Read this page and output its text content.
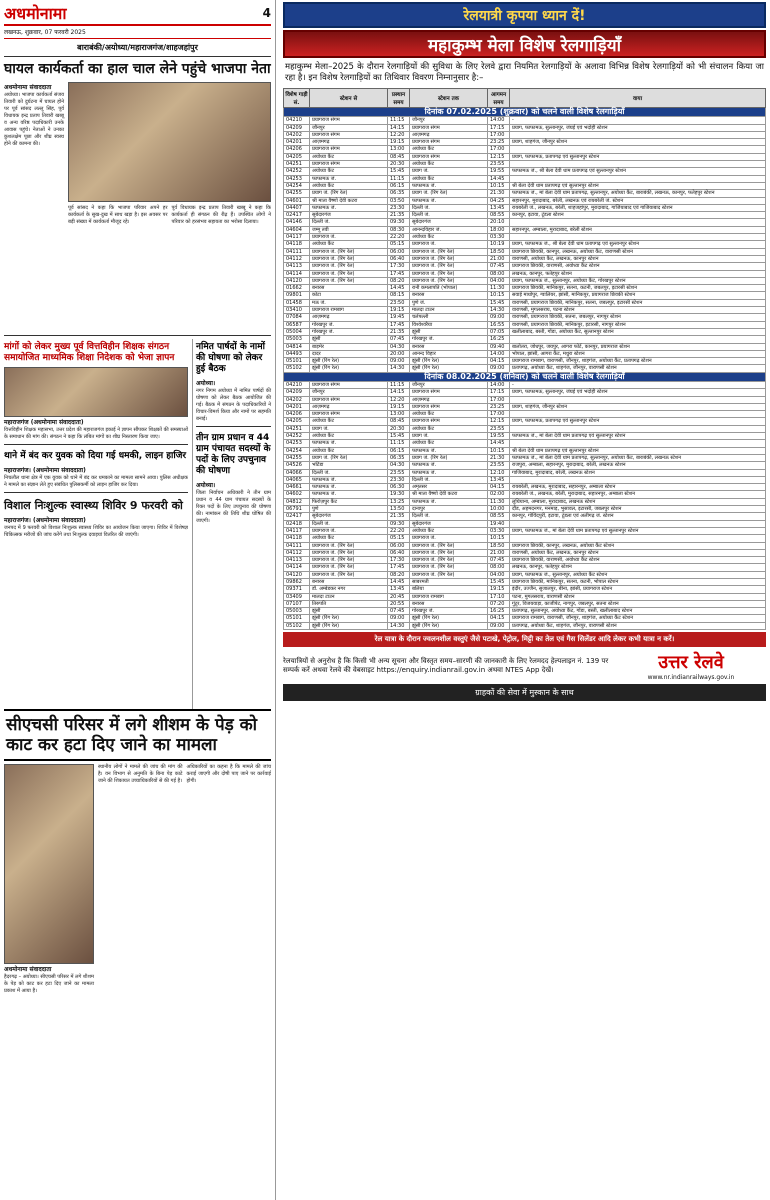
अधमोनामा	4
लखनऊ, शुक्रवार, 07 फरवरी 2025
बाराबंकी/अयोध्या/महाराजगंज/शाहजहांपुर
घायल कार्यकर्ता का हाल चाल लेने पहुंचे भाजपा नेता
अधमोनामा संवाददाता
अयोध्या। भाजपा कार्यकर्ता संजय तिवारी को दुर्घटना में घायल होने पर पूर्व सांसद लल्लू सिंह, पूर्व विधायक इन्द्र प्रताप तिवारी खब्बू व अन्य वरिष्ठ पदाधिकारी उनके आवास पहुंचे। नेताओं ने उनका कुशलक्षेम पूछा और शीघ्र स्वस्थ होने की कामना की।
पूर्व सांसद ने कहा कि भाजपा परिवार अपने हर कार्यकर्ता के सुख-दुख में साथ खड़ा है। इस अवसर पर बड़ी संख्या में कार्यकर्ता मौजूद रहे।
पूर्व विधायक इन्द्र प्रताप तिवारी खब्बू ने कहा कि कार्यकर्ता ही संगठन की रीढ़ हैं। उपस्थित लोगों ने परिवार को हरसंभव सहायता का भरोसा दिलाया।
मांगों को लेकर मुख्य पूर्व वित्तविहीन शिक्षक संगठन समायोजित माध्यमिक शिक्षा निदेशक को भेजा ज्ञापन
महाराजगंज (अधमोनामा संवाददाता)
वित्तविहीन शिक्षक महासभा, उत्तर प्रदेश की महाराजगंज इकाई ने ज्ञापन सौंपकर शिक्षकों की समस्याओं के समाधान की मांग की। संगठन ने कहा कि लंबित मांगों का शीघ्र निस्तारण किया जाए।
थाने में बंद कर युवक को दिया गई धमकी, लाइन हाजिर
महाराजगंज। (अधमोनामा संवाददाता)
निचलौल थाना क्षेत्र में एक युवक को थाने में बंद कर धमकाने का मामला सामने आया। पुलिस अधीक्षक ने मामले का संज्ञान लेते हुए संबंधित पुलिसकर्मी को लाइन हाजिर कर दिया।
विशाल निःशुल्क स्वास्थ्य शिविर 9 फरवरी को
महाराजगंज। (अधमोनामा संवाददाता)
जनपद में 9 फरवरी को विशाल निःशुल्क स्वास्थ्य शिविर का आयोजन किया जाएगा। शिविर में विशेषज्ञ चिकित्सक मरीजों की जांच करेंगे तथा निःशुल्क दवाइयां वितरित की जाएंगी।
नमित पार्षदों के नामों की घोषणा को लेकर हुई बैठक
अयोध्या।
नगर निगम अयोध्या में नामित पार्षदों की घोषणा को लेकर बैठक आयोजित की गई। बैठक में संगठन के पदाधिकारियों ने विचार-विमर्श किया और नामों पर सहमति बनाई।
तीन ग्राम प्रधान व 44 ग्राम पंचायत सदस्यों के पदों के लिए उपचुनाव की घोषणा
अयोध्या।
जिला निर्वाचन अधिकारी ने तीन ग्राम प्रधान व 44 ग्राम पंचायत सदस्यों के रिक्त पदों के लिए उपचुनाव की घोषणा की। नामांकन की तिथि शीघ्र घोषित की जाएगी।
सीएचसी परिसर में लगे शीशम के पेड़ को काट कर हटा दिए जाने का मामला
अधमोनामा संवाददाता
हैदरगढ़ – अयोध्या। सीएचसी परिसर में लगे शीशम के पेड़ को काट कर हटा दिए जाने का मामला प्रकाश में आया है।
स्थानीय लोगों ने मामले की जांच की मांग की है। वन विभाग से अनुमति के बिना पेड़ काटे जाने की शिकायत उच्चाधिकारियों से की गई है।
अधिकारियों का कहना है कि मामले की जांच कराई जाएगी और दोषी पाए जाने पर कार्रवाई होगी।
रेलयात्री कृपया ध्यान दें!
महाकुम्भ मेला विशेष रेलगाड़ियाँ
महाकुम्भ मेला–2025 के दौरान रेलगाड़ियों की सुविधा के लिए रेलवे द्वारा नियमित रेलगाड़ियों के अलावा विभिन्न विशेष रेलगाड़ियों को भी संचालन किया जा रहा है। इन विशेष रेलगाड़ियों का तिथिवार विवरण निम्नानुसार है:–
विशेष गाड़ी सं.	स्टेशन से	प्रस्थान समय	स्टेशन तक	आगमन समय	वाया
दिनांक 07.02.2025 (शुक्रवार) को चलने वाली विशेष रेलगाड़ियाँ					
04210	प्रयागराज संगम	11:15	जौनपुर	14:00	-
04209	जौनपुर	14:15	प्रयागराज संगम	17:15	प्रयाग, फाफामऊ, सुल्तानपुर, जंघई एवं भदोही स्टेशन
04202	प्रयागराज संगम	12:20	आज़मगढ़	17:00	
04201	आज़मगढ़	19:15	प्रयागराज संगम	23:25	प्रयाग, शाहगंज, जौनपुर स्टेशन
04206	प्रयागराज संगम	13:00	अयोध्या कैंट	17:00	
04205	अयोध्या कैंट	08:45	प्रयागराज संगम	12:15	प्रयाग, फाफामऊ, प्रतापगढ़ एवं सुल्तानपुर स्टेशन
04251	प्रयागराज संगम	20:30	अयोध्या कैंट	23:55	
04252	अयोध्या कैंट	15:45	प्रयाग जं.	19:55	फाफामऊ जं., श्री बेला देवी धाम प्रतापगढ़ एवं सुल्तानपुर स्टेशन
04253	फाफामऊ जं.	11:15	अयोध्या कैंट	14:45	
04254	अयोध्या कैंट	06:15	फाफामऊ जं.	10:15	श्री बेला देवी धाम प्रतापगढ़ एवं सुल्तानपुर स्टेशन
04255	प्रयाग जं. (रिंग रेल)	06:35	प्रयाग जं. (रिंग रेल)	21:30	फाफामऊ जं., मां बेला देवी धाम प्रतापगढ़, सुल्तानपुर, अयोध्या कैंट, बाराबंकी, लखनऊ, कानपुर, फतेहपुर स्टेशन
04601	श्री माता वैष्णो देवी कटरा	03:50	फाफामऊ जं.	04:25	सहारनपुर, मुरादाबाद, बरेली, लखनऊ एवं रायबरेली जं. स्टेशन
04407	फाफामऊ जं.	23:30	दिल्ली जं.	13:45	रायबरेली जं., लखनऊ, बरेली, शाहजहांपुर, मुरादाबाद, गाजियाबाद एवं गाजियाबाद स्टेशन
02417	सूबेदारगंज	21:35	दिल्ली जं.	08:55	कानपुर, इटावा, टूंडला स्टेशन
04146	दिल्ली जं.	09:30	सूबेदारगंज	20:10	
04604	जम्मू तवी	08:30	आनन्दविहार जं.	18:00	सहारनपुर, अम्बाला, मुरादाबाद, बरेली स्टेशन
04117	प्रयागराज जं.	22:20	अयोध्या कैंट	03:30	
04118	अयोध्या कैंट	05:15	प्रयागराज जं.	10:19	प्रयाग, फाफामऊ जं., श्री बेला देवी धाम प्रतापगढ़ एवं सुल्तानपुर स्टेशन
04111	प्रयागराज जं. (रिंग रेल)	06:00	प्रयागराज जं. (रिंग रेल)	18:50	प्रयागराज छिवकी, कानपुर, लखनऊ, अयोध्या कैंट, वाराणसी स्टेशन
04112	प्रयागराज जं. (रिंग रेल)	06:40	प्रयागराज जं. (रिंग रेल)	21:00	वाराणसी, अयोध्या कैंट, लखनऊ, कानपुर स्टेशन
04113	प्रयागराज जं. (रिंग रेल)	17:30	प्रयागराज जं. (रिंग रेल)	07:45	प्रयागराज छिवकी, वाराणसी, अयोध्या कैंट स्टेशन
04114	प्रयागराज जं. (रिंग रेल)	17:45	प्रयागराज जं. (रिंग रेल)	08:00	लखनऊ, कानपुर, फतेहपुर स्टेशन
04120	प्रयागराज जं. (रिंग रेल)	08:20	प्रयागराज जं. (रिंग रेल)	04:00	प्रयाग, फाफामऊ जं., सुल्तानपुर, अयोध्या कैंट, गोरखपुर स्टेशन
01662	बनारस	14:45	रानी कमलापति (भोपाल)	11:30	प्रयागराज छिवकी, मानिकपुर, सतना, कटनी, जबलपुर, इटारसी स्टेशन
09801	कोटा	08:15	बनारस	10:15	सवाई माधोपुर, ग्वालियर, झांसी, मानिकपुर, प्रयागराज छिवकी स्टेशन
01458	मऊ जं.	23:50	पुणे जं.	15:45	वाराणसी, प्रयागराज छिवकी, मानिकपुर, सतना, जबलपुर, इटारसी स्टेशन
03410	प्रयागराज रामबाग	19:15	मालदा टाउन	14:30	वाराणसी, मुगलसराय, पटना स्टेशन
07084	आज़मगढ़	19:45	चर्लपल्ली	09:00	वाराणसी, प्रयागराज छिवकी, सतना, जबलपुर, नागपुर स्टेशन
06587	गोरखपुर जं.	17:45	विश्वेश्वरैया	16:55	वाराणसी, प्रयागराज छिवकी, मानिकपुर, इटारसी, नागपुर स्टेशन
05004	गोरखपुर जं.	21:35	झूंसी	07:05	खलीलाबाद, बस्ती, गोंडा, अयोध्या कैंट, सुल्तानपुर स्टेशन
05003	झूंसी	07:45	गोरखपुर जं.	16:25	
04814	बाड़मेर	04:30	बनारस	09:40	बालोतरा, जोधपुर, जयपुर, आगरा फोर्ट, कानपुर, प्रयागराज स्टेशन
04493	दादर	20:00	आनन्द विहार	14:00	भोपाल, झांसी, आगरा कैंट, मथुरा स्टेशन
05101	झूंसी (रिंग रेल)	09:00	झूंसी (रिंग रेल)	04:15	प्रयागराज रामबाग, वाराणसी, जौनपुर, शाहगंज, अयोध्या कैंट, प्रतापगढ़ स्टेशन
05102	झूंसी (रिंग रेल)	14:30	झूंसी (रिंग रेल)	09:00	प्रतापगढ़, अयोध्या कैंट, शाहगंज, जौनपुर, वाराणसी स्टेशन
दिनांक 08.02.2025 (शनिवार) को चलने वाली विशेष रेलगाड़ियाँ					
04210	प्रयागराज संगम	11:15	जौनपुर	14:00	-
04209	जौनपुर	14:15	प्रयागराज संगम	17:15	प्रयाग, फाफामऊ, सुल्तानपुर, जंघई एवं भदोही स्टेशन
04202	प्रयागराज संगम	12:20	आज़मगढ़	17:00	
04201	आज़मगढ़	19:15	प्रयागराज संगम	23:25	प्रयाग, शाहगंज, जौनपुर स्टेशन
04206	प्रयागराज संगम	13:00	अयोध्या कैंट	17:00	
04205	अयोध्या कैंट	08:45	प्रयागराज संगम	12:15	प्रयाग, फाफामऊ, प्रतापगढ़ एवं सुल्तानपुर स्टेशन
04251	प्रयाग जं.	20:30	अयोध्या कैंट	23:55	
04252	अयोध्या कैंट	15:45	प्रयाग जं.	19:55	फाफामऊ जं., मां बेला देवी धाम प्रतापगढ़ एवं सुल्तानपुर स्टेशन
04253	फाफामऊ जं.	11:15	अयोध्या कैंट	14:45	
04254	अयोध्या कैंट	06:15	फाफामऊ जं.	10:15	श्री बेला देवी धाम प्रतापगढ़ एवं सुल्तानपुर स्टेशन
04255	प्रयाग जं. (रिंग रेल)	06:35	प्रयाग जं. (रिंग रेल)	21:30	फाफामऊ जं., मां बेला देवी धाम प्रतापगढ़, सुल्तानपुर, अयोध्या कैंट, बाराबंकी, लखनऊ स्टेशन
04526	भटिंडा	04:30	फाफामऊ जं.	23:55	राजपुरा, अम्बाला, सहारनपुर, मुरादाबाद, बरेली, लखनऊ स्टेशन
04066	दिल्ली जं.	23:55	फाफामऊ जं.	12:10	गाजियाबाद, मुरादाबाद, बरेली, लखनऊ स्टेशन
04065	फाफामऊ जं.	23:30	दिल्ली जं.	13:45	
04661	फाफामऊ जं.	06:30	अमृतसर	04:15	रायबरेली, लखनऊ, मुरादाबाद, सहारनपुर, अम्बाला स्टेशन
04602	फाफामऊ जं.	19:30	श्री माता वैष्णो देवी कटरा	02:00	रायबरेली जं., लखनऊ, बरेली, मुरादाबाद, सहारनपुर, अम्बाला स्टेशन
04812	फिरोज़पुर कैंट	13:25	फाफामऊ जं.	11:30	लुधियाना, अम्बाला, मुरादाबाद, लखनऊ स्टेशन
06791	पुणे	13:50	दानापुर	10:00	दौंड, अहमदनगर, मनमाड़, भुसावल, इटारसी, जबलपुर स्टेशन
02417	सूबेदारगंज	21:35	दिल्ली जं.	08:55	कानपुर, गोविंदपुरी, इटावा, टूंडला एवं अलीगढ़ जं. स्टेशन
02418	दिल्ली जं.	09:30	सूबेदारगंज	19:40	
04117	प्रयागराज जं.	22:20	अयोध्या कैंट	03:30	प्रयाग, फाफामऊ जं., मां बेला देवी धाम प्रतापगढ़ एवं सुल्तानपुर स्टेशन
04118	अयोध्या कैंट	05:15	प्रयागराज जं.	10:15	
04111	प्रयागराज जं. (रिंग रेल)	06:00	प्रयागराज जं. (रिंग रेल)	18:50	प्रयागराज छिवकी, कानपुर, लखनऊ, अयोध्या कैंट स्टेशन
04112	प्रयागराज जं. (रिंग रेल)	06:40	प्रयागराज जं. (रिंग रेल)	21:00	वाराणसी, अयोध्या कैंट, लखनऊ, कानपुर स्टेशन
04113	प्रयागराज जं. (रिंग रेल)	17:30	प्रयागराज जं. (रिंग रेल)	07:45	प्रयागराज छिवकी, वाराणसी, अयोध्या कैंट स्टेशन
04114	प्रयागराज जं. (रिंग रेल)	17:45	प्रयागराज जं. (रिंग रेल)	08:00	लखनऊ, कानपुर, फतेहपुर स्टेशन
04120	प्रयागराज जं. (रिंग रेल)	08:20	प्रयागराज जं. (रिंग रेल)	04:00	प्रयाग, फाफामऊ जं., सुल्तानपुर, अयोध्या कैंट स्टेशन
09862	बनारस	14:45	साबरमती	15:45	प्रयागराज छिवकी, मानिकपुर, सतना, कटनी, भोपाल स्टेशन
09371	डॉ. अम्बेडकर नगर	13:45	बलिया	19:15	इंदौर, उज्जैन, सुजालपुर, बीना, झांसी, प्रयागराज स्टेशन
03409	मालदा टाउन	20:45	प्रयागराज रामबाग	17:10	पटना, मुगलसराय, वाराणसी स्टेशन
07107	तिरुपति	20:55	बनारस	07:20	गुंटूर, विजयवाड़ा, काजीपेट, नागपुर, जबलपुर, सतना स्टेशन
05003	झूंसी	07:45	गोरखपुर जं.	16:25	प्रतापगढ़, सुल्तानपुर, अयोध्या कैंट, गोंडा, बस्ती, खलीलाबाद स्टेशन
05101	झूंसी (रिंग रेल)	09:00	झूंसी (रिंग रेल)	04:15	प्रयागराज रामबाग, वाराणसी, जौनपुर, शाहगंज, अयोध्या कैंट स्टेशन
05102	झूंसी (रिंग रेल)	14:30	झूंसी (रिंग रेल)	09:00	प्रतापगढ़, अयोध्या कैंट, शाहगंज, जौनपुर, वाराणसी स्टेशन
रेल यात्रा के दौरान ज्वलनशील वस्तुएं जैसे पटाखे, पेट्रोल, मिट्टी का तेल एवं गैस सिलेंडर आदि लेकर कभी यात्रा न करें।
रेलयात्रियों से अनुरोध है कि किसी भी अन्य सूचना और विस्तृत समय–सारणी की जानकारी के लिए रेलमदद हेल्पलाइन नं. 139 पर सम्पर्क करें अथवा रेलवे की वेबसाइट https://enquiry.indianrail.gov.in अथवा NTES App देखें।	उत्तर रेलवे
www.nr.indianrailways.gov.in
ग्राहकों की सेवा में मुस्कान के साथ
